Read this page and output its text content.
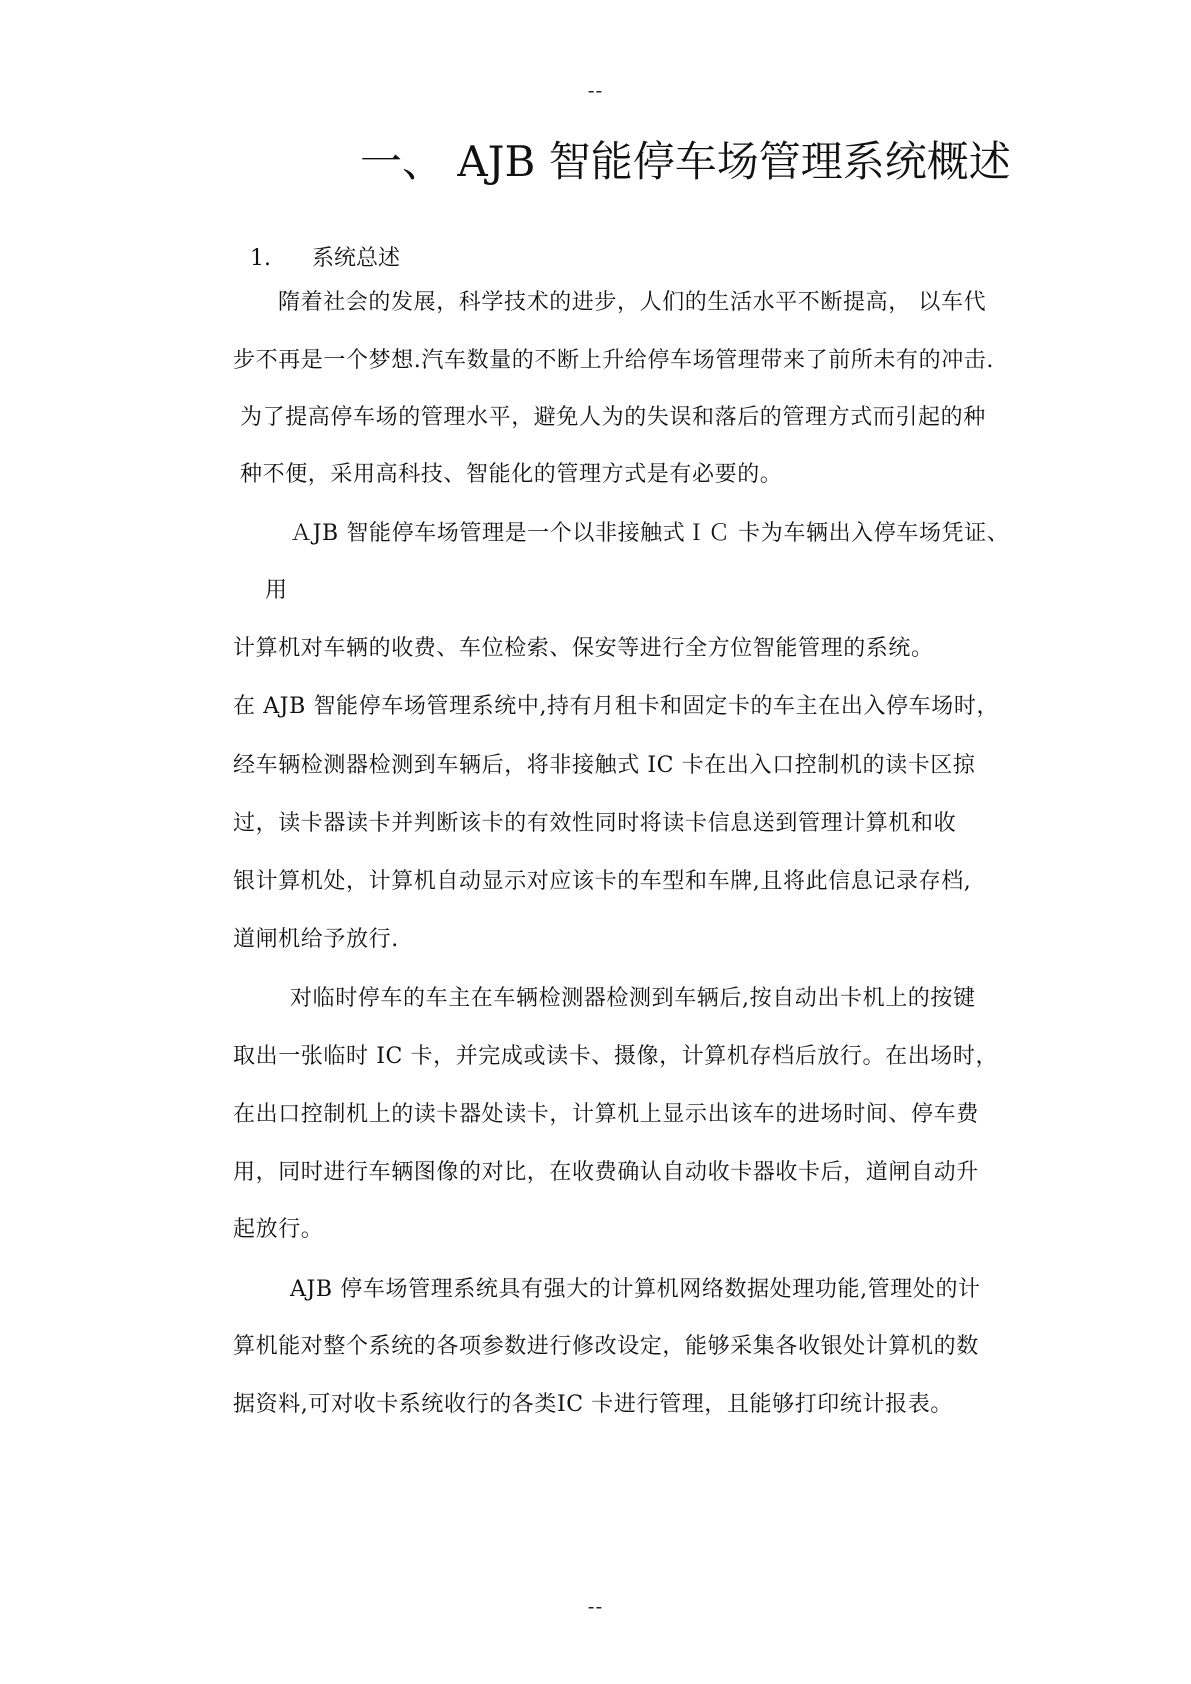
--
一、 AJB 智能停车场管理系统概述
1. 系统总述
隋着社会的发展，科学技术的进步，人们的生活水平不断提高， 以车代
步不再是一个梦想.汽车数量的不断上升给停车场管理带来了前所未有的冲击.
为了提高停车场的管理水平，避免人为的失误和落后的管理方式而引起的种
种不便，采用高科技、智能化的管理方式是有必要的。
ＡJB 智能停车场管理是一个以非接触式ＩＣ 卡为车辆出入停车场凭证、
用
计算机对车辆的收费、车位检索、保安等进行全方位智能管理的系统。
在 AJB 智能停车场管理系统中,持有月租卡和固定卡的车主在出入停车场时，
经车辆检测器检测到车辆后，将非接触式 IC 卡在出入口控制机的读卡区掠
过，读卡器读卡并判断该卡的有效性同时将读卡信息送到管理计算机和收
银计算机处，计算机自动显示对应该卡的车型和车牌,且将此信息记录存档,
道闸机给予放行.
对临时停车的车主在车辆检测器检测到车辆后,按自动出卡机上的按键
取出一张临时 IC 卡，并完成或读卡、摄像，计算机存档后放行。在出场时，
在出口控制机上的读卡器处读卡，计算机上显示出该车的进场时间、停车费
用，同时进行车辆图像的对比，在收费确认自动收卡器收卡后，道闸自动升
起放行。
AJB 停车场管理系统具有强大的计算机网络数据处理功能,管理处的计
算机能对整个系统的各项参数进行修改设定，能够采集各收银处计算机的数
据资料,可对收卡系统收行的各类IC 卡进行管理，且能够打印统计报表。
--
